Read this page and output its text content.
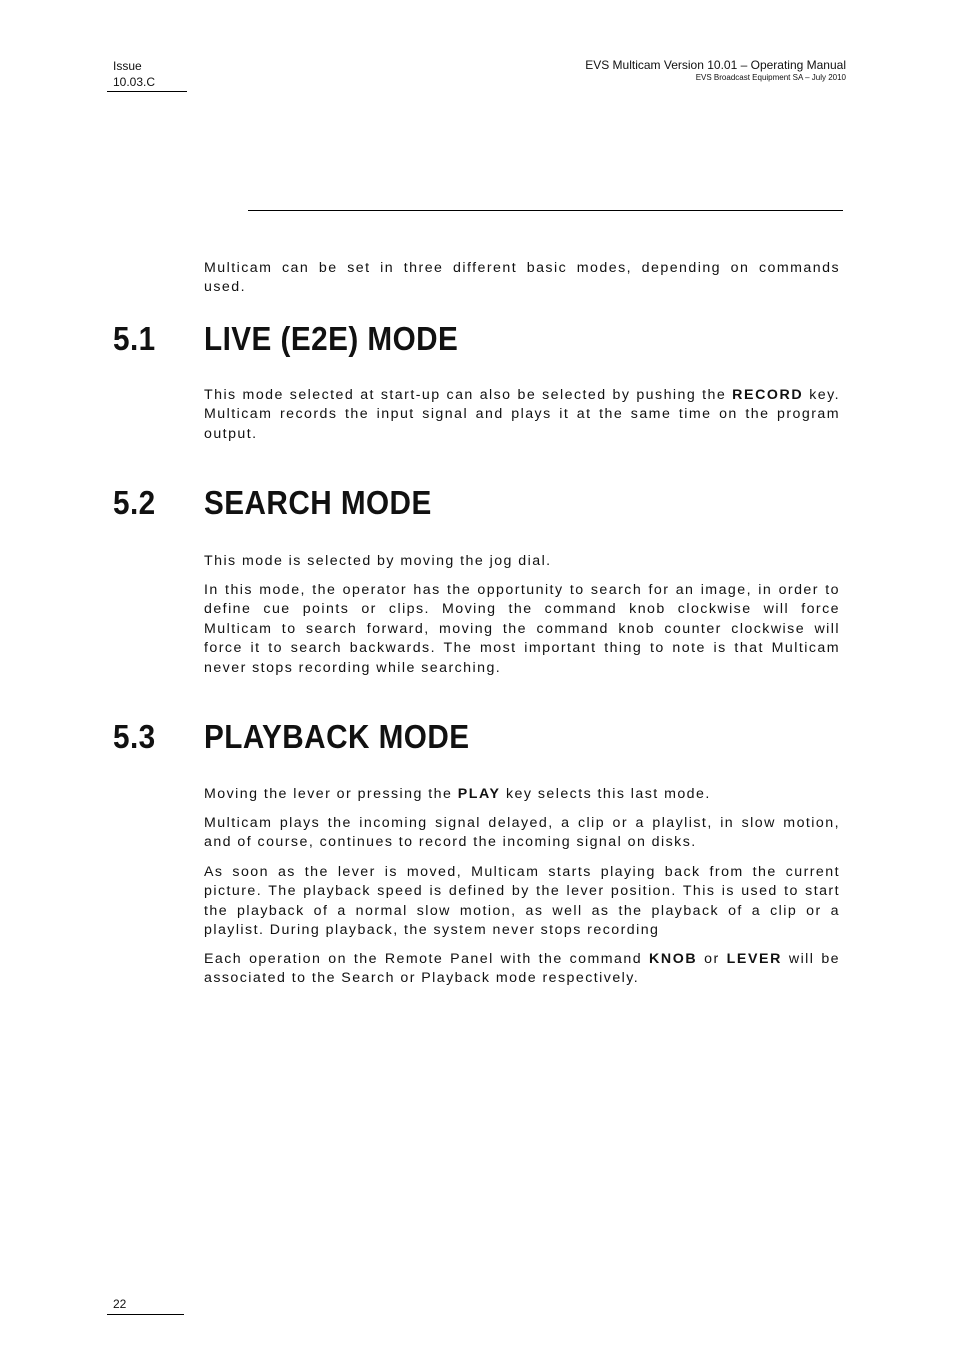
Issue
10.03.C
EVS Multicam Version 10.01 – Operating Manual
EVS Broadcast Equipment SA – July 2010

Multicam can be set in three different basic modes, depending on commands used.

5.1 LIVE (E2E) MODE

This mode selected at start-up can also be selected by pushing the RECORD key. Multicam records the input signal and plays it at the same time on the program output.

5.2 SEARCH MODE

This mode is selected by moving the jog dial.

In this mode, the operator has the opportunity to search for an image, in order to define cue points or clips. Moving the command knob clockwise will force Multicam to search forward, moving the command knob counter clockwise will force it to search backwards. The most important thing to note is that Multicam never stops recording while searching.

5.3 PLAYBACK MODE

Moving the lever or pressing the PLAY key selects this last mode.

Multicam plays the incoming signal delayed, a clip or a playlist, in slow motion, and of course, continues to record the incoming signal on disks.

As soon as the lever is moved, Multicam starts playing back from the current picture. The playback speed is defined by the lever position. This is used to start the playback of a normal slow motion, as well as the playback of a clip or a playlist. During playback, the system never stops recording

Each operation on the Remote Panel with the command KNOB or LEVER will be associated to the Search or Playback mode respectively.

22
